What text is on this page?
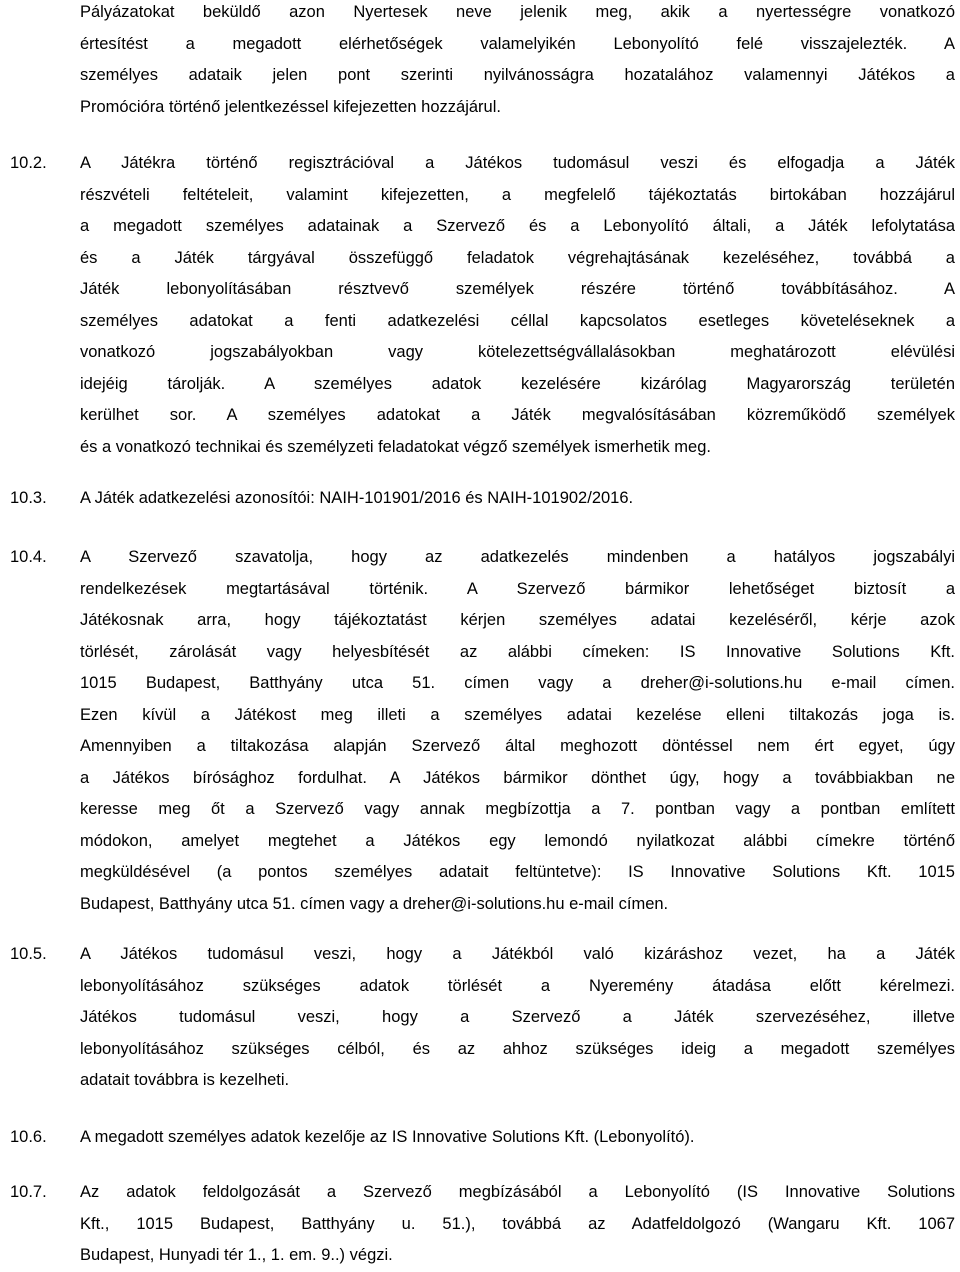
Pályázatokat beküldő azon Nyertesek neve jelenik meg, akik a nyertességre vonatkozó
értesítést a megadott elérhetőségek valamelyikén Lebonyolító felé visszajelezték. A
személyes adataik jelen pont szerinti nyilvánosságra hozatalához valamennyi Játékos a
Promócióra történő jelentkezéssel kifejezetten hozzájárul.
10.2. A Játékra történő regisztrációval a Játékos tudomásul veszi és elfogadja a Játék
részvételi feltételeit, valamint kifejezetten, a megfelelő tájékoztatás birtokában hozzájárul
a megadott személyes adatainak a Szervező és a Lebonyolító általi, a Játék lefolytatása
és a Játék tárgyával összefüggő feladatok végrehajtásának kezeléséhez, továbbá a
Játék lebonyolításában résztvevő személyek részére történő továbbításához. A
személyes adatokat a fenti adatkezelési céllal kapcsolatos esetleges követeléseknek a
vonatkozó jogszabályokban vagy kötelezettségvállalásokban meghatározott elévülési
idejéig tárolják. A személyes adatok kezelésére kizárólag Magyarország területén
kerülhet sor. A személyes adatokat a Játék megvalósításában közreműködő személyek
és a vonatkozó technikai és személyzeti feladatokat végző személyek ismerhetik meg.
10.3. A Játék adatkezelési azonosítói: NAIH-101901/2016 és NAIH-101902/2016.
10.4. A Szervező szavatolja, hogy az adatkezelés mindenben a hatályos jogszabályi
rendelkezések megtartásával történik. A Szervező bármikor lehetőséget biztosít a
Játékosnak arra, hogy tájékoztatást kérjen személyes adatai kezeléséről, kérje azok
törlését, zárolását vagy helyesbítését az alábbi címeken: IS Innovative Solutions Kft.
1015 Budapest, Batthyány utca 51. címen vagy a dreher@i-solutions.hu e-mail címen.
Ezen kívül a Játékost meg illeti a személyes adatai kezelése elleni tiltakozás joga is.
Amennyiben a tiltakozása alapján Szervező által meghozott döntéssel nem ért egyet, úgy
a Játékos bírósághoz fordulhat. A Játékos bármikor dönthet úgy, hogy a továbbiakban ne
keresse meg őt a Szervező vagy annak megbízottja a 7. pontban vagy a pontban említett
módokon, amelyet megtehet a Játékos egy lemondó nyilatkozat alábbi címekre történő
megküldésével (a pontos személyes adatait feltüntetve): IS Innovative Solutions Kft. 1015
Budapest, Batthyány utca 51. címen vagy a dreher@i-solutions.hu e-mail címen.
10.5. A Játékos tudomásul veszi, hogy a Játékból való kizáráshoz vezet, ha a Játék
lebonyolításához szükséges adatok törlését a Nyeremény átadása előtt kérelmezi.
Játékos tudomásul veszi, hogy a Szervező a Játék szervezéséhez, illetve
lebonyolításához szükséges célból, és az ahhoz szükséges ideig a megadott személyes
adatait továbbra is kezelheti.
10.6. A megadott személyes adatok kezelője az IS Innovative Solutions Kft. (Lebonyolító).
10.7. Az adatok feldolgozását a Szervező megbízásából a Lebonyolító (IS Innovative Solutions
Kft., 1015 Budapest, Batthyány u. 51.), továbbá az Adatfeldolgozó (Wangaru Kft. 1067
Budapest, Hunyadi tér 1., 1. em. 9..) végzi.
